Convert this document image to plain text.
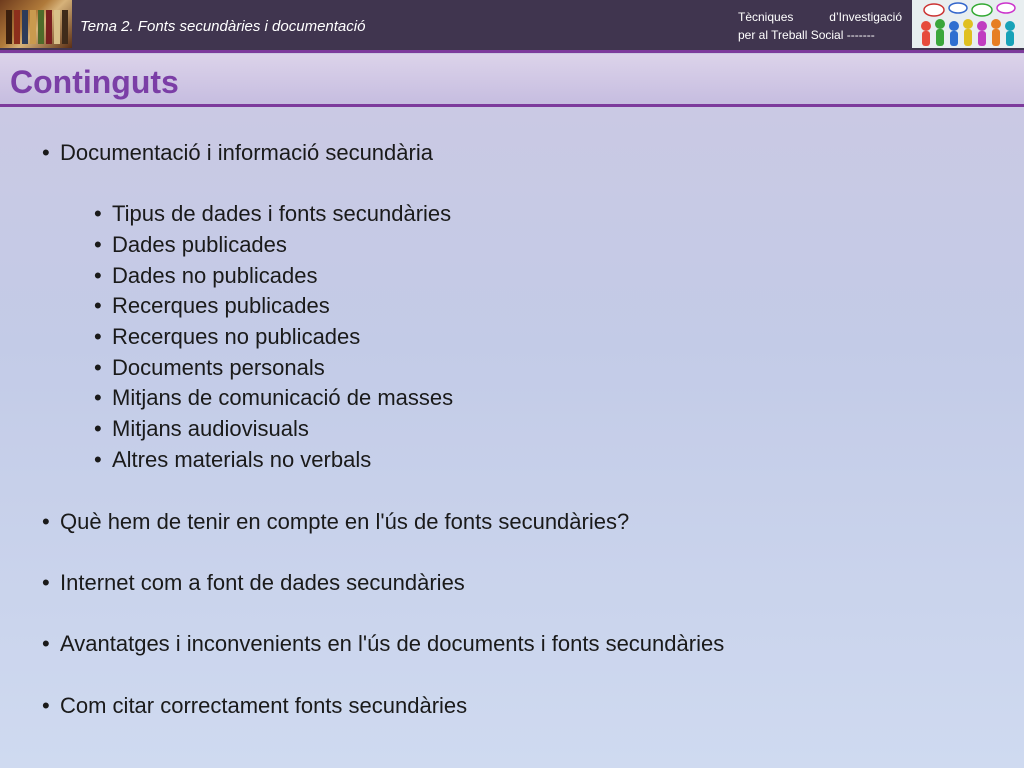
Tema 2. Fonts secundàries i documentació
Tècniques	d’Investigació
per al Treball Social -------
Continguts
• Documentació i informació secundària
• Tipus de dades i fonts secundàries
• Dades publicades
• Dades no publicades
• Recerques publicades
• Recerques no publicades
• Documents personals
• Mitjans de comunicació de masses
• Mitjans audiovisuals
• Altres materials no verbals
• Què hem de tenir en compte en l'ús de fonts secundàries?
• Internet com a font de dades secundàries
• Avantatges i inconvenients en l'ús de documents i fonts secundàries
• Com citar correctament fonts secundàries
